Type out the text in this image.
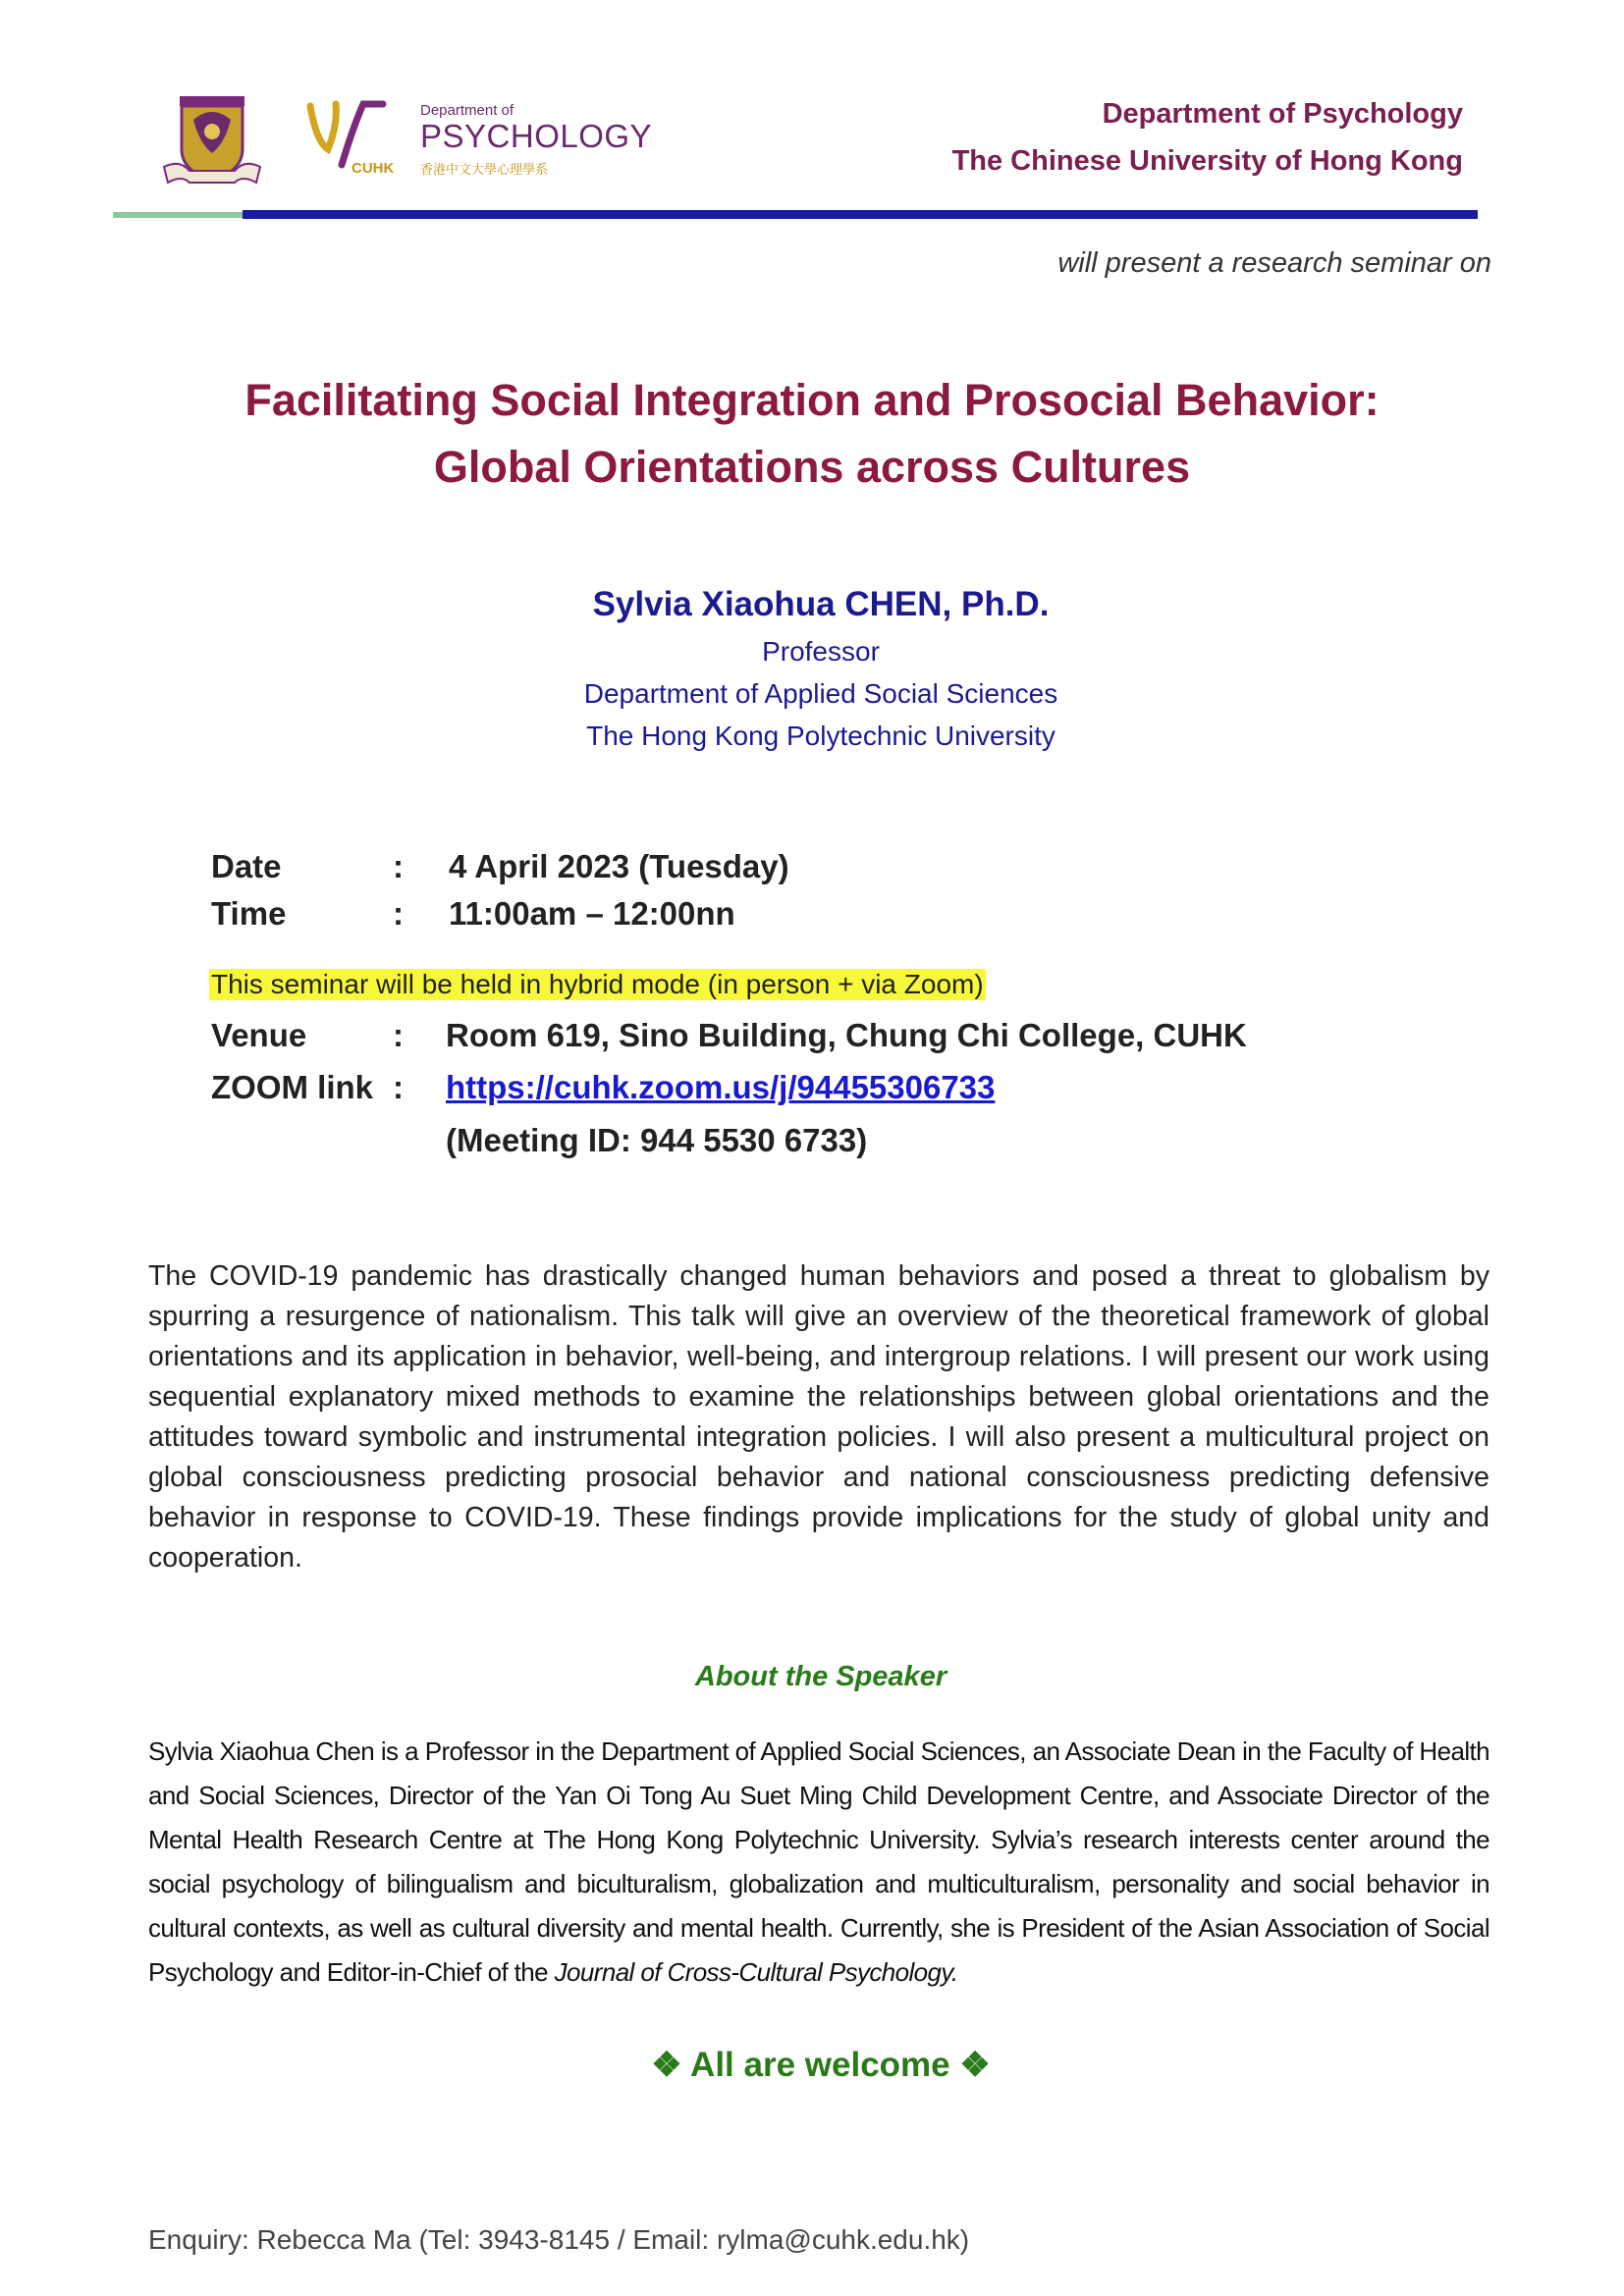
Department of
PSYCHOLOGY
CUHK 香港中文大學心理學系
Department of Psychology
The Chinese University of Hong Kong
will present a research seminar on
Facilitating Social Integration and Prosocial Behavior:
Global Orientations across Cultures
Sylvia Xiaohua CHEN, Ph.D.
Professor
Department of Applied Social Sciences
The Hong Kong Polytechnic University
Date	: 4 April 2023 (Tuesday)
Time	: 11:00am – 12:00nn
This seminar will be held in hybrid mode (in person + via Zoom)
Venue	: Room 619, Sino Building, Chung Chi College, CUHK
ZOOM link : https://cuhk.zoom.us/j/94455306733
(Meeting ID: 944 5530 6733)
The COVID-19 pandemic has drastically changed human behaviors and posed a threat to globalism by spurring a resurgence of nationalism. This talk will give an overview of the theoretical framework of global orientations and its application in behavior, well-being, and intergroup relations. I will present our work using sequential explanatory mixed methods to examine the relationships between global orientations and the attitudes toward symbolic and instrumental integration policies. I will also present a multicultural project on global consciousness predicting prosocial behavior and national consciousness predicting defensive behavior in response to COVID-19. These findings provide implications for the study of global unity and cooperation.
About the Speaker
Sylvia Xiaohua Chen is a Professor in the Department of Applied Social Sciences, an Associate Dean in the Faculty of Health and Social Sciences, Director of the Yan Oi Tong Au Suet Ming Child Development Centre, and Associate Director of the Mental Health Research Centre at The Hong Kong Polytechnic University. Sylvia’s research interests center around the social psychology of bilingualism and biculturalism, globalization and multiculturalism, personality and social behavior in cultural contexts, as well as cultural diversity and mental health. Currently, she is President of the Asian Association of Social Psychology and Editor-in-Chief of the Journal of Cross-Cultural Psychology.
❖ All are welcome ❖
Enquiry: Rebecca Ma (Tel: 3943-8145 / Email: rylma@cuhk.edu.hk)
